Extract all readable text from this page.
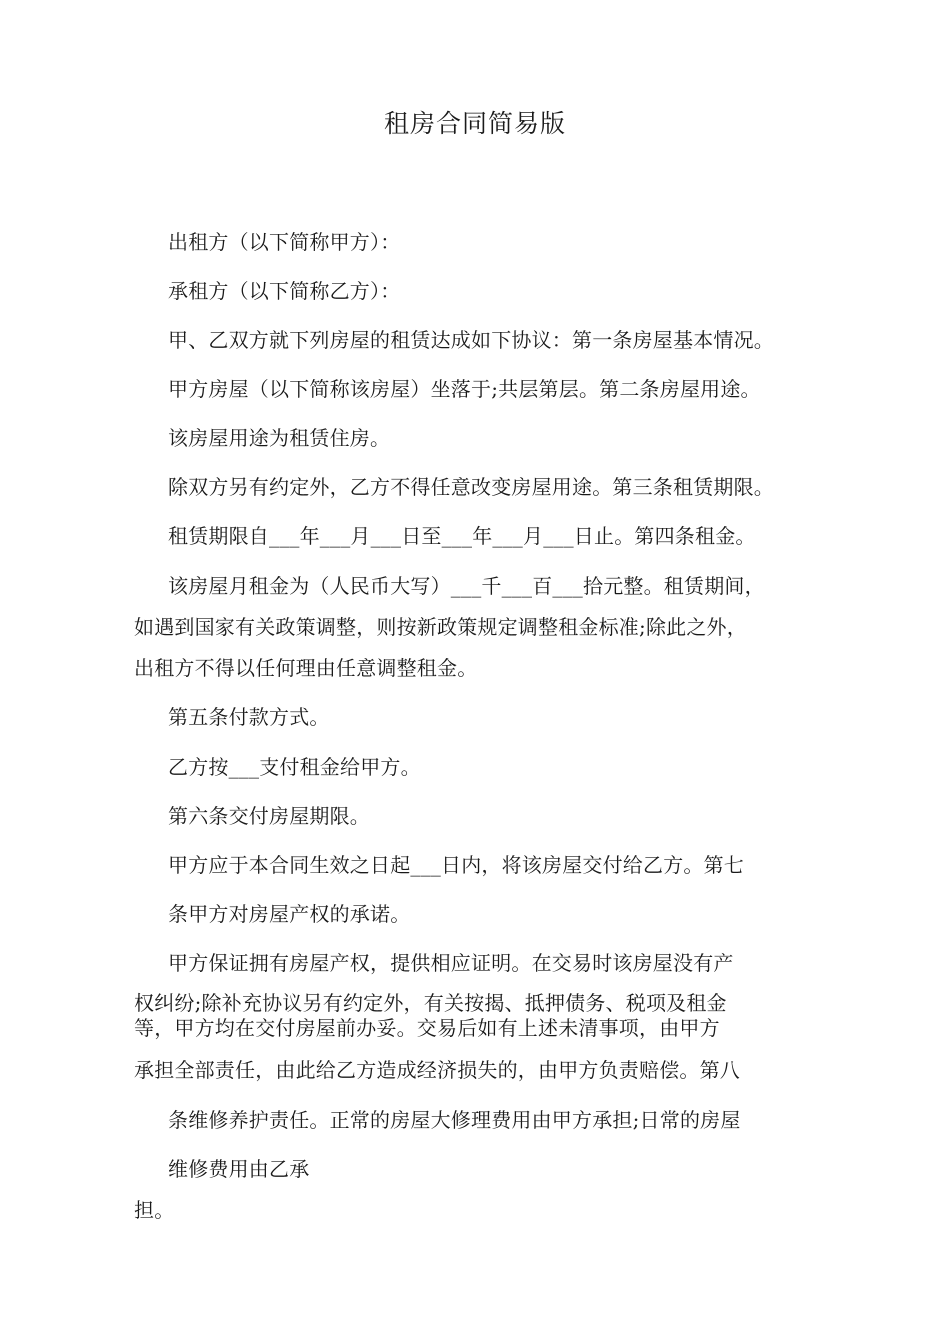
租房合同简易版
出租方（以下简称甲方）：
承租方（以下简称乙方）：
甲、乙双方就下列房屋的租赁达成如下协议：第一条房屋基本情况。
甲方房屋（以下简称该房屋）坐落于;共层第层。第二条房屋用途。
该房屋用途为租赁住房。
除双方另有约定外，乙方不得任意改变房屋用途。第三条租赁期限。
租赁期限自___年___月___日至___年___月___日止。第四条租金。
该房屋月租金为（人民币大写）___千___百___拾元整。租赁期间，
如遇到国家有关政策调整，则按新政策规定调整租金标准;除此之外，
出租方不得以任何理由任意调整租金。
第五条付款方式。
乙方按___支付租金给甲方。
第六条交付房屋期限。
甲方应于本合同生效之日起___日内，将该房屋交付给乙方。第七
条甲方对房屋产权的承诺。
甲方保证拥有房屋产权，提供相应证明。在交易时该房屋没有产
权纠纷;除补充协议另有约定外，有关按揭、抵押债务、税项及租金
等，甲方均在交付房屋前办妥。交易后如有上述未清事项，由甲方
承担全部责任，由此给乙方造成经济损失的，由甲方负责赔偿。第八
条维修养护责任。正常的房屋大修理费用由甲方承担;日常的房屋
维修费用由乙承
担。
